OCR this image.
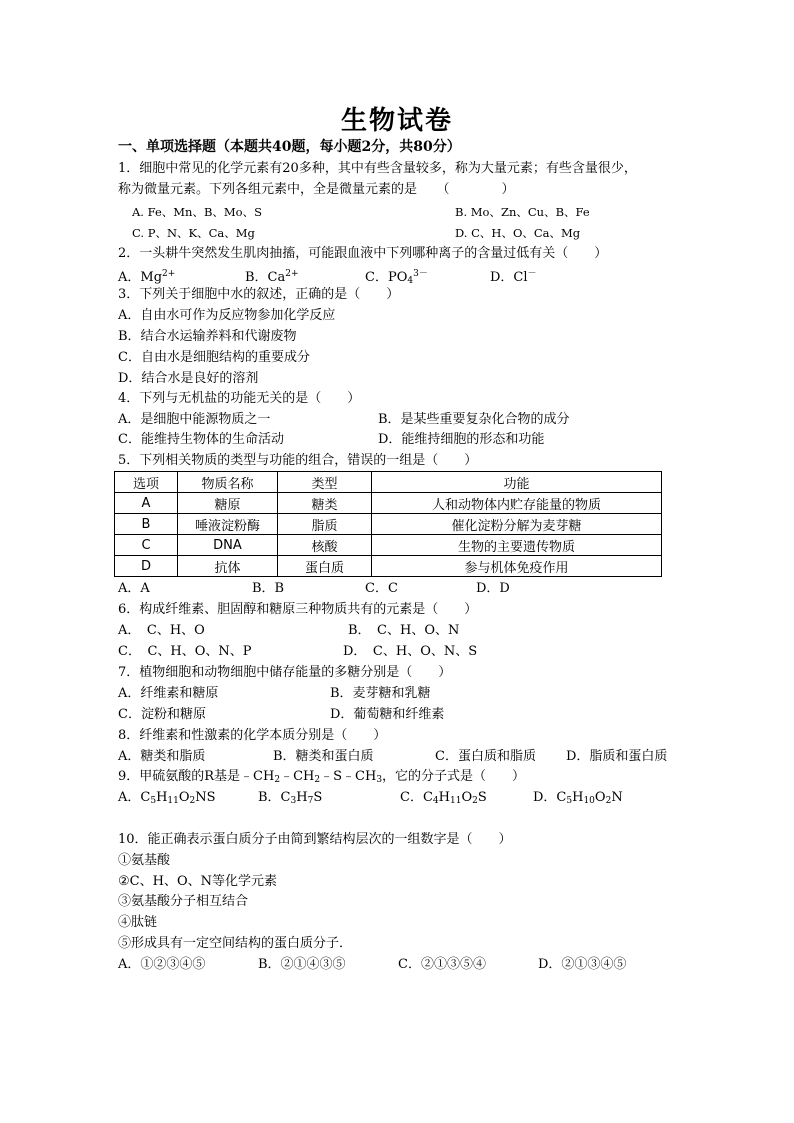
生物试卷
一、单项选择题（本题共40题，每小题2分，共80分）
1．细胞中常见的化学元素有20多种，其中有些含量较多，称为大量元素；有些含量很少，
称为微量元素。下列各组元素中，全是微量元素的是　　（　　　　）
A. Fe、Mn、B、Mo、S	B. Mo、Zn、Cu、B、Fe
C. P、N、K、Ca、Mg	D. C、H、O、Ca、Mg
2．一头耕牛突然发生肌肉抽搐，可能跟血液中下列哪种离子的含量过低有关（　　）
A．$Mg^{2+}$	B．$Ca^{2+}$	C．$PO_4^{3-}$	D．Cl－
3．下列关于细胞中水的叙述，正确的是（　　）
A．自由水可作为反应物参加化学反应
B．结合水运输养料和代谢废物
C．自由水是细胞结构的重要成分
D．结合水是良好的溶剂
4．下列与无机盐的功能无关的是（　　）
A．是细胞中能源物质之一	B．是某些重要复杂化合物的成分
C．能维持生物体的生命活动	D．能维持细胞的形态和功能
5．下列相关物质的类型与功能的组合，错误的一组是（　　）
选项	物质名称	类型	功能
A	糖原	糖类	人和动物体内贮存能量的物质
B	唾液淀粉酶	脂质	催化淀粉分解为麦芽糖
C	DNA	核酸	生物的主要遗传物质
D	抗体	蛋白质	参与机体免疫作用
A．A	B．B	C．C	D．D
6．构成纤维素、胆固醇和糖原三种物质共有的元素是（　　）
A．　C、H、O	B．　C、H、O、N
C．　C、H、O、N、P	D．　C、H、O、N、S
7．植物细胞和动物细胞中储存能量的多糖分别是（　　）
A．纤维素和糖原	B．麦芽糖和乳糖
C．淀粉和糖原	D．葡萄糖和纤维素
8．纤维素和性激素的化学本质分别是（　　）
A．糖类和脂质	B．糖类和蛋白质	C．蛋白质和脂质 D．脂质和蛋白质
9．甲硫氨酸的R基是$﹣CH_2﹣CH_2﹣S﹣CH_3$，它的分子式是（　　）
A．$C_5H_{11}O_2NS$	B．$C_3H_7S$	C．$C_4H_{11}O_2S$	D．$C_5H_{10}O_2N$
10．能正确表示蛋白质分子由简到繁结构层次的一组数字是（　　）
①氨基酸
②C、H、O、N等化学元素
③氨基酸分子相互结合
④肽链
⑤形成具有一定空间结构的蛋白质分子．
A．①②③④⑤	B．②①④③⑤	C．②①③⑤④	D．②①③④⑤
